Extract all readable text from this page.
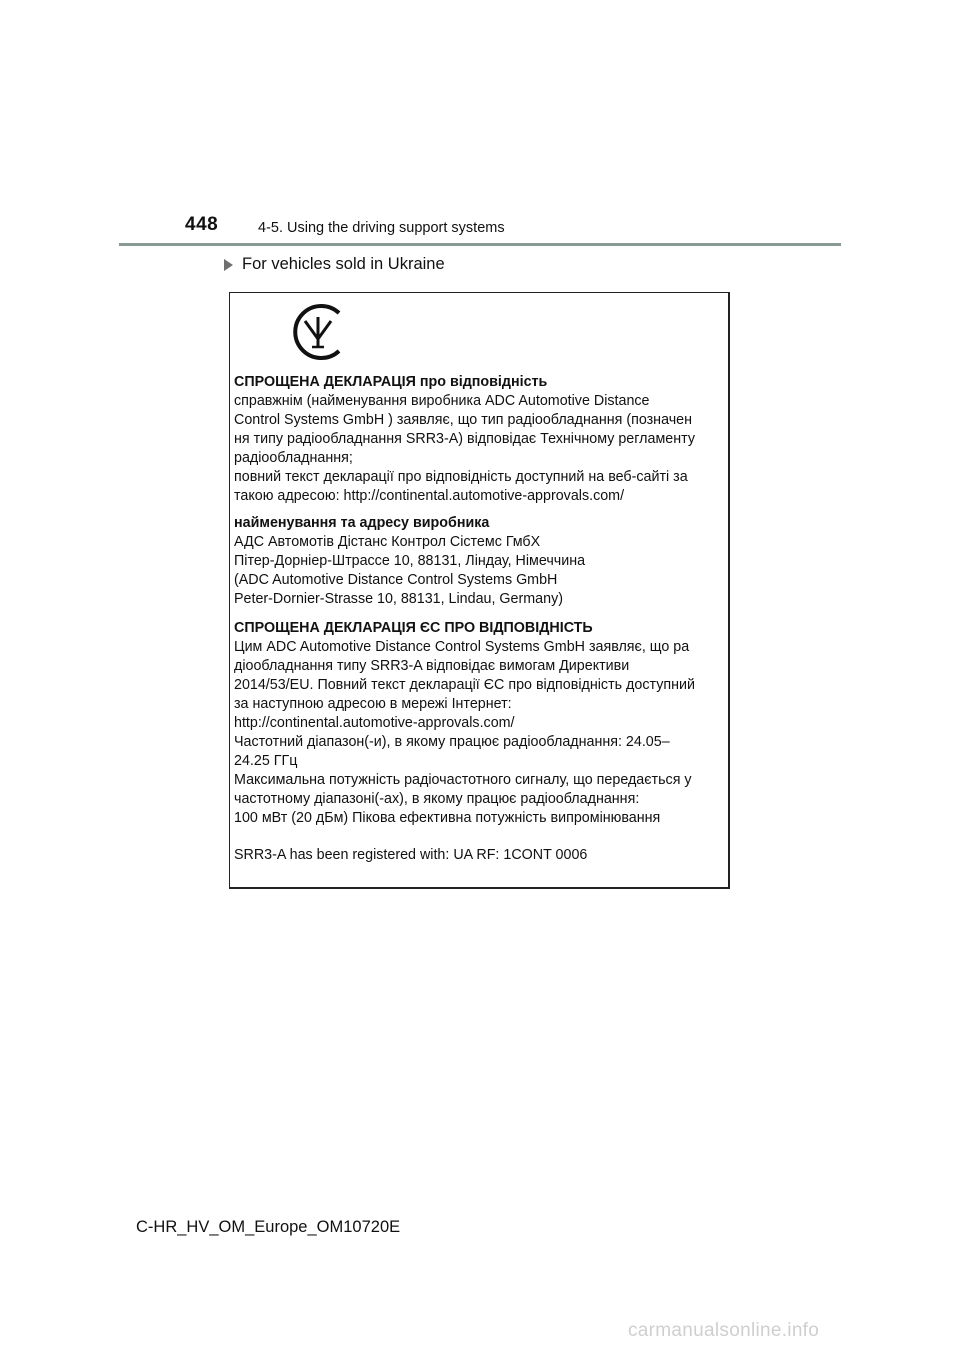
448	4-5. Using the driving support systems
For vehicles sold in Ukraine
СПРОЩЕНА ДЕКЛАРАЦІЯ про відповідність
справжнім (найменування виробника ADC Automotive Distance
Control Systems GmbH ) заявляє, що тип радіообладнання (позначен
ня типу радіообладнання SRR3-A) відповідає Технічному регламенту
радіообладнання;
повний текст декларації про відповідність доступний на веб-сайті за
такою адресою: http://continental.automotive-approvals.com/
найменування та адресу виробника
АДС Автомотів Дістанс Контрол Сістемс ГмбХ
Пітер-Дорніер-Штрассе 10, 88131, Ліндау, Німеччина
(ADC Automotive Distance Control Systems GmbH
Peter-Dornier-Strasse 10, 88131, Lindau, Germany)
СПРОЩЕНА ДЕКЛАРАЦІЯ ЄС ПРО ВІДПОВІДНІСТЬ
Цим ADC Automotive Distance Control Systems GmbH заявляє, що ра
діообладнання типу SRR3-A відповідає вимогам Директиви
2014/53/EU. Повний текст декларації ЄС про відповідність доступний
за наступною адресою в мережі Інтернет:
http://continental.automotive-approvals.com/
Частотний діапазон(-и), в якому працює радіообладнання: 24.05–
24.25 ГГц
Максимальна потужність радіочастотного сигналу, що передається у
частотному діапазоні(-ах), в якому працює радіообладнання:
100 мВт (20 дБм) Пікова ефективна потужність випромінювання
SRR3-A has been registered with: UA RF: 1CONT 0006
C-HR_HV_OM_Europe_OM10720E
carmanualsonline.info
